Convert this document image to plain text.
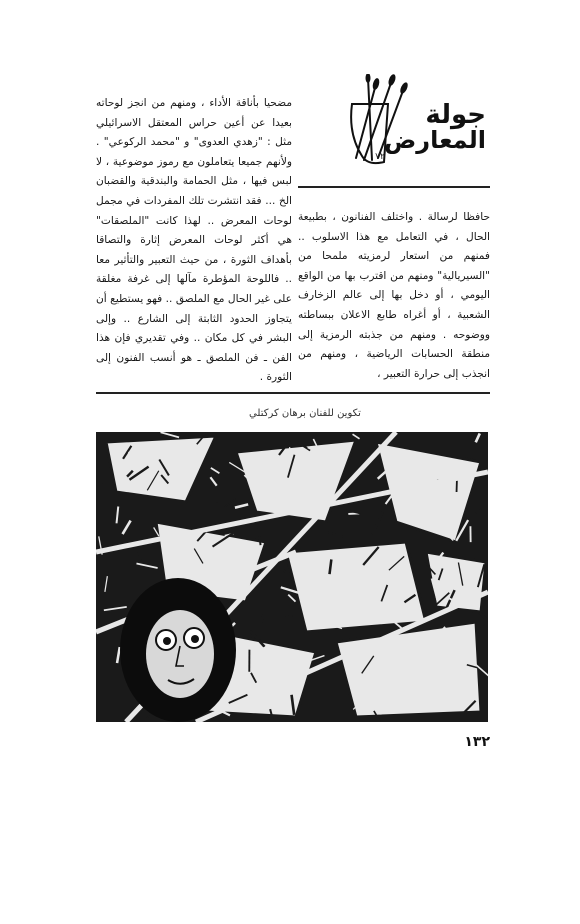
مضحيا بأناقة الأداء ، ومنهم من انجز لوحاته بعيدا عن أعين حراس المعتقل الاسرائيلي مثل : "زهدي العدوى" و "محمد الركوعي" . ولأنهم جميعا يتعاملون مع رموز موضوعية ، لا لبس فيها ، مثل الحمامة والبندقية والقضبان الخ ... فقد انتشرت تلك المفردات في مجمل لوحات المعرض .. لهذا كانت "الملصقات" هي أكثر لوحات المعرض إثارة والتصاقا بأهداف الثورة ، من حيث التعبير والتأثير معا .. فاللوحة المؤطرة مآلها إلى غرفة مغلقة على غير الحال مع الملصق .. فهو يستطيع أن يتجاوز الحدود الثابتة إلى الشارع .. وإلى البشر في كل مكان .. وفي تقديري فإن هذا الفن ـ فن الملصق ـ هو أنسب الفنون إلى الثورة .
جولة
المعارض
٧٢
حافظا لرسالة . واختلف الفنانون ، بطبيعة الحال ، في التعامل مع هذا الاسلوب .. فمنهم من استعار لرمزيته ملمحا من "السيريالية" ومنهم من اقترب بها من الواقع اليومي ، أو دخل بها إلى عالم الزخارف الشعبية ، أو أغراه طابع الاعلان ببساطته ووضوحه . ومنهم من جذبته الرمزية إلى منطقة الحسابات الرياضية ، ومنهم من انجذب إلى حرارة التعبير ،
تكوين للفنان برهان كركتلي
١٣٢
